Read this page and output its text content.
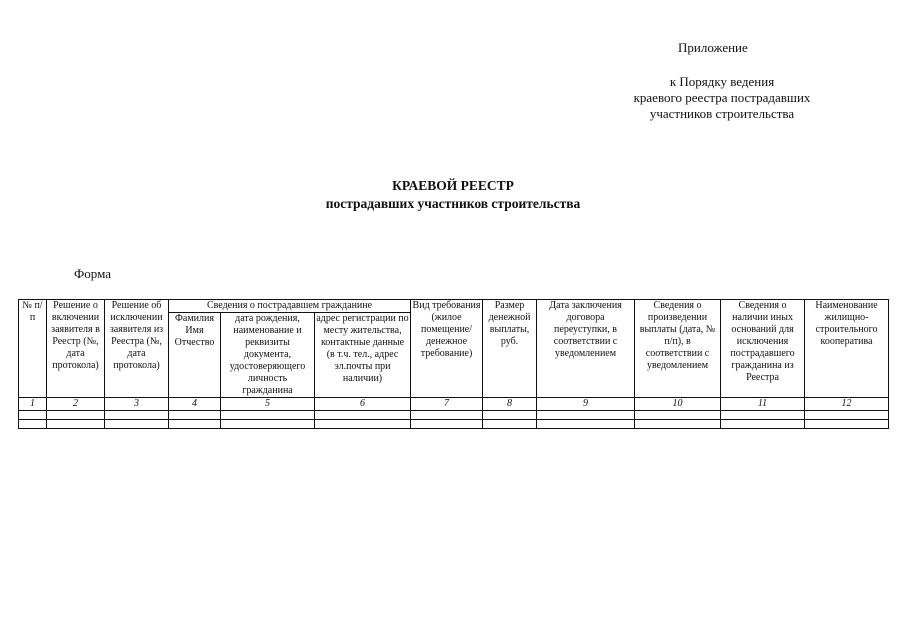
Приложение
к Порядку ведения
краевого реестра пострадавших
участников строительства
КРАЕВОЙ РЕЕСТР
пострадавших участников строительства
Форма
№ п/п	Решение о включении заявителя в Реестр (№, дата протокола)	Решение об исключении заявителя из Реестра (№, дата протокола)	Сведения о пострадавшем гражданине			Вид требования (жилое помещение/ денежное требование)	Размер денежной выплаты, руб.	Дата заключения договора переуступки, в соответствии с уведомлением	Сведения о произведении выплаты (дата, № п/п), в соответствии с уведомлением	Сведения о наличии иных оснований для исключения пострадавшего гражданина из Реестра	Наименование жилищно-строительного кооператива
			Фамилия Имя Отчество	дата рождения, наименование и реквизиты документа, удостоверяющего личность гражданина	адрес регистрации по месту жительства, контактные данные (в т.ч. тел., адрес эл.почты при наличии)						
1	2	3	4	5	6	7	8	9	10	11	12
